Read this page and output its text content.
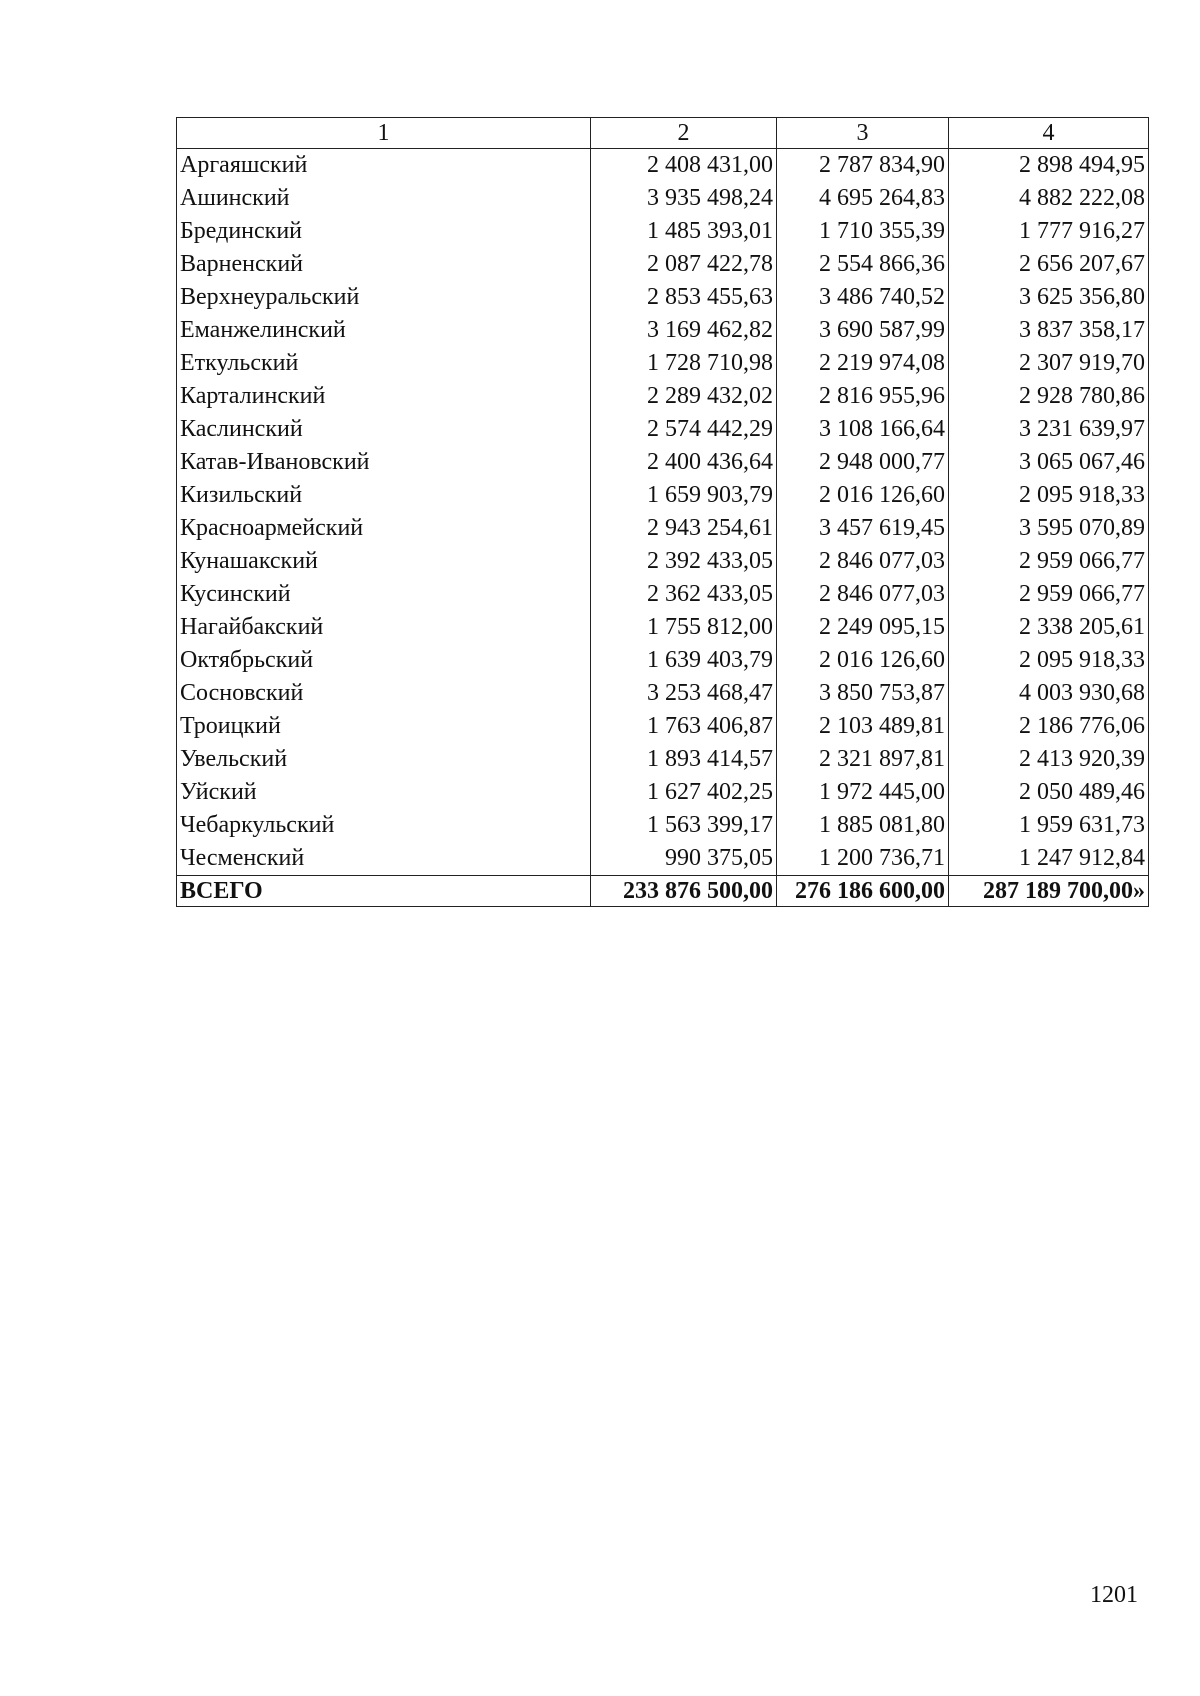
1	2	3	4
Аргаяшский	2 408 431,00	2 787 834,90	2 898 494,95
Ашинский	3 935 498,24	4 695 264,83	4 882 222,08
Брединский	1 485 393,01	1 710 355,39	1 777 916,27
Варненский	2 087 422,78	2 554 866,36	2 656 207,67
Верхнеуральский	2 853 455,63	3 486 740,52	3 625 356,80
Еманжелинский	3 169 462,82	3 690 587,99	3 837 358,17
Еткульский	1 728 710,98	2 219 974,08	2 307 919,70
Карталинский	2 289 432,02	2 816 955,96	2 928 780,86
Каслинский	2 574 442,29	3 108 166,64	3 231 639,97
Катав-Ивановский	2 400 436,64	2 948 000,77	3 065 067,46
Кизильский	1 659 903,79	2 016 126,60	2 095 918,33
Красноармейский	2 943 254,61	3 457 619,45	3 595 070,89
Кунашакский	2 392 433,05	2 846 077,03	2 959 066,77
Кусинский	2 362 433,05	2 846 077,03	2 959 066,77
Нагайбакский	1 755 812,00	2 249 095,15	2 338 205,61
Октябрьский	1 639 403,79	2 016 126,60	2 095 918,33
Сосновский	3 253 468,47	3 850 753,87	4 003 930,68
Троицкий	1 763 406,87	2 103 489,81	2 186 776,06
Увельский	1 893 414,57	2 321 897,81	2 413 920,39
Уйский	1 627 402,25	1 972 445,00	2 050 489,46
Чебаркульский	1 563 399,17	1 885 081,80	1 959 631,73
Чесменский	990 375,05	1 200 736,71	1 247 912,84
ВСЕГО	233 876 500,00	276 186 600,00	287 189 700,00»
1201
